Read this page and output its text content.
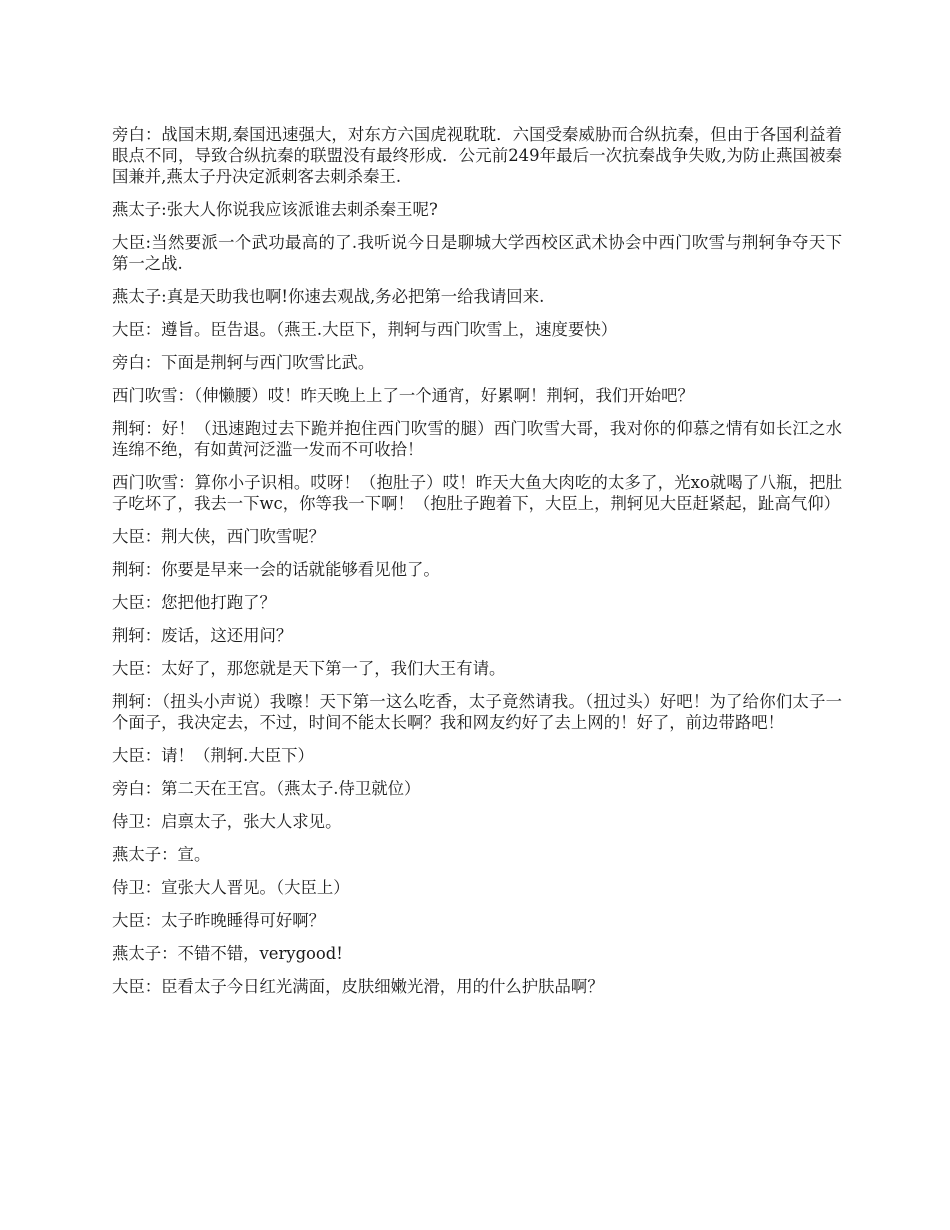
旁白：战国末期,秦国迅速强大，对东方六国虎视耽耽．六国受秦威胁而合纵抗秦，但由于各国利益着眼点不同，导致合纵抗秦的联盟没有最终形成．公元前249年最后一次抗秦战争失败,为防止燕国被秦国兼并,燕太子丹决定派刺客去刺杀秦王.

燕太子:张大人你说我应该派谁去刺杀秦王呢?

大臣:当然要派一个武功最高的了.我听说今日是聊城大学西校区武术协会中西门吹雪与荆轲争夺天下第一之战.

燕太子:真是天助我也啊!你速去观战,务必把第一给我请回来.

大臣：遵旨。臣告退。（燕王.大臣下，荆轲与西门吹雪上，速度要快）

旁白：下面是荆轲与西门吹雪比武。

西门吹雪：（伸懒腰）哎！昨天晚上上了一个通宵，好累啊！荆轲，我们开始吧？

荆轲：好！（迅速跑过去下跪并抱住西门吹雪的腿）西门吹雪大哥，我对你的仰慕之情有如长江之水连绵不绝，有如黄河泛滥一发而不可收拾！

西门吹雪：算你小子识相。哎呀！（抱肚子）哎！昨天大鱼大肉吃的太多了，光xo就喝了八瓶，把肚子吃坏了，我去一下wc，你等我一下啊！（抱肚子跑着下，大臣上，荆轲见大臣赶紧起，趾高气仰）

大臣：荆大侠，西门吹雪呢？

荆轲：你要是早来一会的话就能够看见他了。

大臣：您把他打跑了？

荆轲：废话，这还用问？

大臣：太好了，那您就是天下第一了，我们大王有请。

荆轲：（扭头小声说）我嚓！天下第一这么吃香，太子竟然请我。（扭过头）好吧！为了给你们太子一个面子，我决定去，不过，时间不能太长啊？我和网友约好了去上网的！好了，前边带路吧！

大臣：请！（荆轲.大臣下）

旁白：第二天在王宫。（燕太子.侍卫就位）

侍卫：启禀太子，张大人求见。

燕太子：宣。

侍卫：宣张大人晋见。（大臣上）

大臣：太子昨晚睡得可好啊？

燕太子：不错不错，verygood!

大臣：臣看太子今日红光满面，皮肤细嫩光滑，用的什么护肤品啊？
